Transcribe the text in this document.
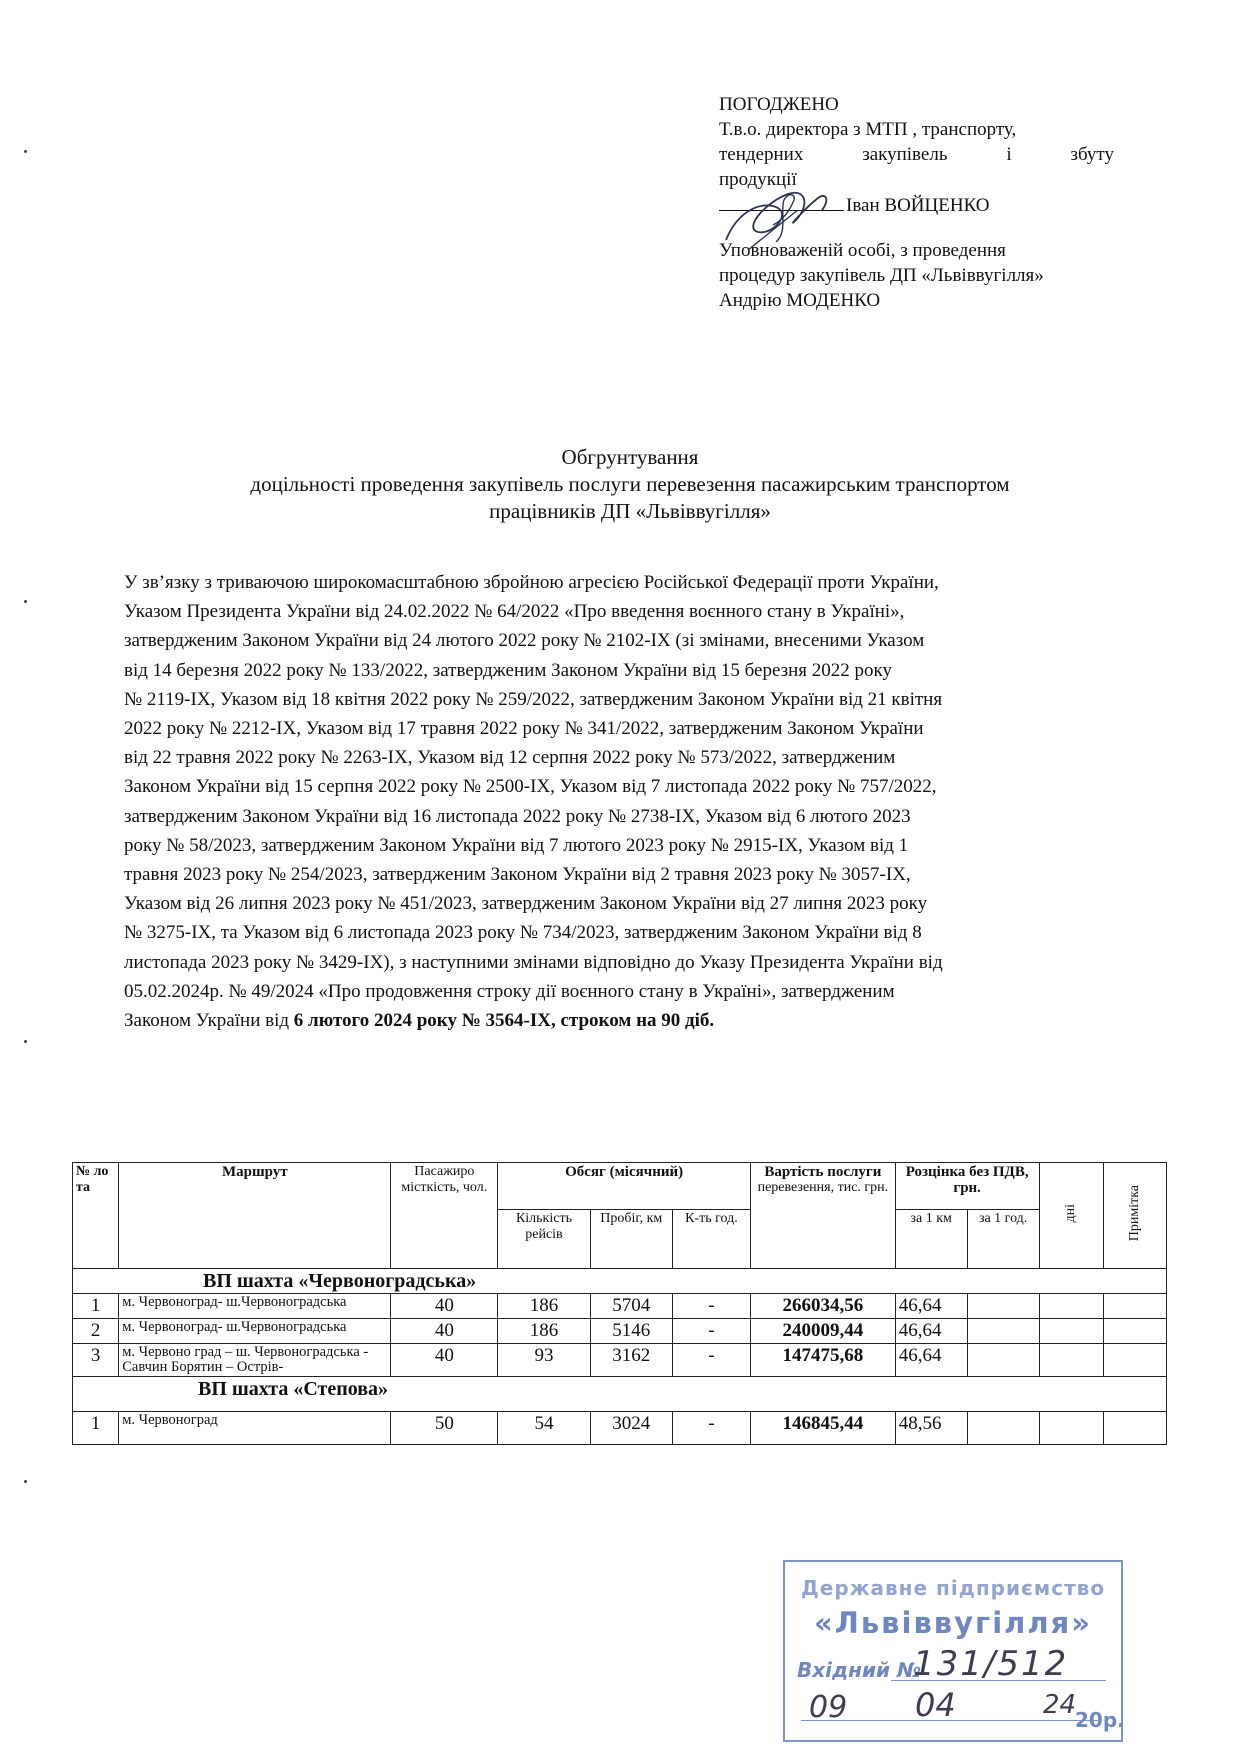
ПОГОДЖЕНО
Т.в.о. директора з МТП , транспорту,
тендерних закупівель і збуту
продукції
Іван ВОЙЦЕНКО
Уповноваженій особі, з проведення
процедур закупівель ДП «Львіввугілля»
Андрію МОДЕНКО
Обгрунтування
доцільності проведення закупівель послуги перевезення пасажирським транспортом
працівників ДП «Львіввугілля»
У зв’язку з триваючою широкомасштабною збройною агресією Російської Федерації проти України,
Указом Президента України від 24.02.2022 № 64/2022 «Про введення воєнного стану в Україні»,
затвердженим Законом України від 24 лютого 2022 року № 2102-IX (зі змінами, внесеними Указом
від 14 березня 2022 року № 133/2022, затвердженим Законом України від 15 березня 2022 року
№ 2119-IX, Указом від 18 квітня 2022 року № 259/2022, затвердженим Законом України від 21 квітня
2022 року № 2212-IX, Указом від 17 травня 2022 року № 341/2022, затвердженим Законом України
від 22 травня 2022 року № 2263-IX, Указом від 12 серпня 2022 року № 573/2022, затвердженим
Законом України від 15 серпня 2022 року № 2500-IX, Указом від 7 листопада 2022 року № 757/2022,
затвердженим Законом України від 16 листопада 2022 року № 2738-IX, Указом від 6 лютого 2023
року № 58/2023, затвердженим Законом України від 7 лютого 2023 року № 2915-IX, Указом від 1
травня 2023 року № 254/2023, затвердженим Законом України від 2 травня 2023 року № 3057-IX,
Указом від 26 липня 2023 року № 451/2023, затвердженим Законом України від 27 липня 2023 року
№ 3275-IX, та Указом від 6 листопада 2023 року № 734/2023, затвердженим Законом України від 8
листопада 2023 року № 3429-IX), з наступними змінами відповідно до Указу Президента України від
05.02.2024р. № 49/2024 «Про продовження строку дії воєнного стану в Україні», затвердженим
Законом України від 6 лютого 2024 року № 3564-IX, строком на 90 діб.
№ ло та	Маршрут	Пасажиро місткість, чол.	Обсяг (місячний)			Вартість послуги
перевезення, тис. грн.	Розцінка без ПДВ, грн.		дні	Примітка
			Кількість рейсів	Пробіг, км	К-ть год.		за 1 км	за 1 год.		
ВП шахта «Червоноградська»										
1	м. Червоноград- ш.Червоноградська	40	186	5704	-	266034,56	46,64			
2	м. Червоноград- ш.Червоноградська	40	186	5146	-	240009,44	46,64			
3	м. Червоно град – ш. Червоноградська - Савчин Борятин – Острів-	40	93	3162	-	147475,68	46,64			
ВП шахта «Степова»										
1	м. Червоноград	50	54	3024	-	146845,44	48,56			
Державне підприємство
«Львіввугілля»
Вхідний №
131/512
09 04	24
20р.
